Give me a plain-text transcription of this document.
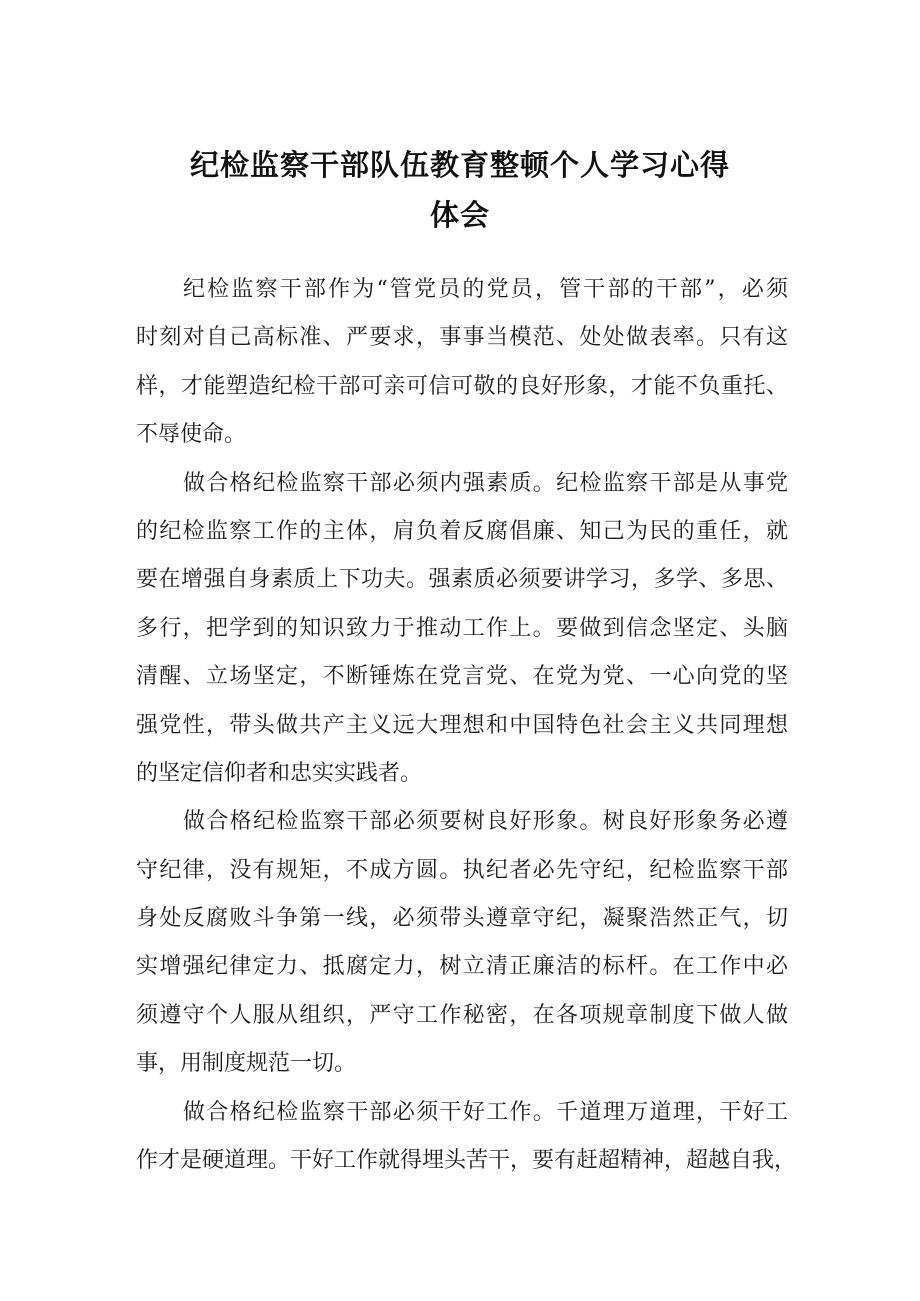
纪检监察干部队伍教育整顿个人学习心得
体会
纪检监察干部作为“管党员的党员，管干部的干部”，必须
时刻对自己高标准、严要求，事事当模范、处处做表率。只有这
样，才能塑造纪检干部可亲可信可敬的良好形象，才能不负重托、
不辱使命。
做合格纪检监察干部必须内强素质。纪检监察干部是从事党
的纪检监察工作的主体，肩负着反腐倡廉、知己为民的重任，就
要在增强自身素质上下功夫。强素质必须要讲学习，多学、多思、
多行，把学到的知识致力于推动工作上。要做到信念坚定、头脑
清醒、立场坚定，不断锤炼在党言党、在党为党、一心向党的坚
强党性，带头做共产主义远大理想和中国特色社会主义共同理想
的坚定信仰者和忠实实践者。
做合格纪检监察干部必须要树良好形象。树良好形象务必遵
守纪律，没有规矩，不成方圆。执纪者必先守纪，纪检监察干部
身处反腐败斗争第一线，必须带头遵章守纪，凝聚浩然正气，切
实增强纪律定力、抵腐定力，树立清正廉洁的标杆。在工作中必
须遵守个人服从组织，严守工作秘密，在各项规章制度下做人做
事，用制度规范一切。
做合格纪检监察干部必须干好工作。千道理万道理，干好工
作才是硬道理。干好工作就得埋头苦干，要有赶超精神，超越自我，
